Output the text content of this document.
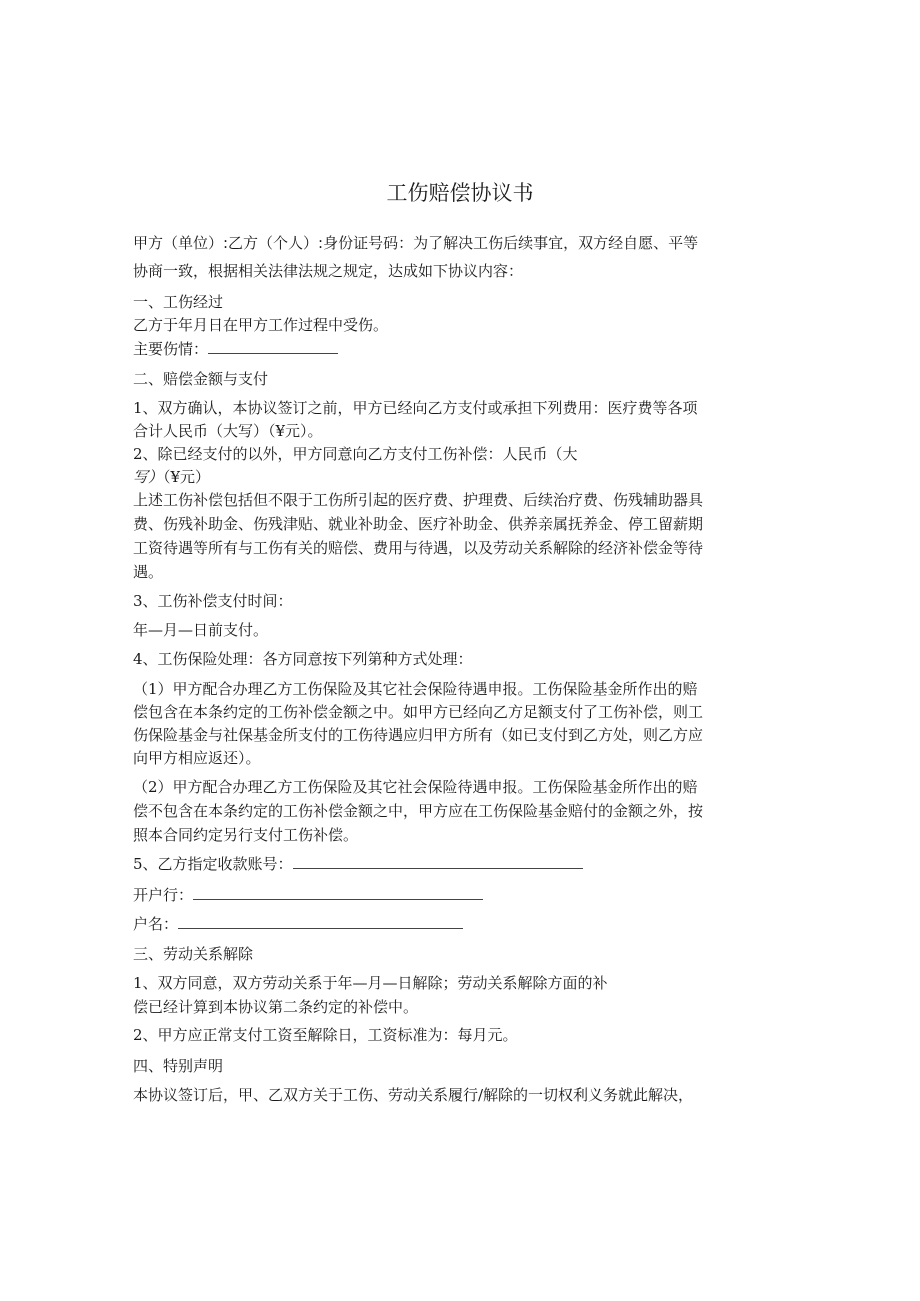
工伤赔偿协议书
甲方（单位）:乙方（个人）:身份证号码：为了解决工伤后续事宜，双方经自愿、平等
协商一致，根据相关法律法规之规定，达成如下协议内容：
一、工伤经过
乙方于年月日在甲方工作过程中受伤。
主要伤情：
二、赔偿金额与支付
1、双方确认，本协议签订之前，甲方已经向乙方支付或承担下列费用：医疗费等各项
合计人民币（大写）（¥元）。
2、除已经支付的以外，甲方同意向乙方支付工伤补偿：人民币（大
写）（¥元）
上述工伤补偿包括但不限于工伤所引起的医疗费、护理费、后续治疗费、伤残辅助器具
费、伤残补助金、伤残津贴、就业补助金、医疗补助金、供养亲属抚养金、停工留薪期
工资待遇等所有与工伤有关的赔偿、费用与待遇，以及劳动关系解除的经济补偿金等待
遇。
3、工伤补偿支付时间：
年—月—日前支付。
4、工伤保险处理：各方同意按下列第种方式处理：
（1）甲方配合办理乙方工伤保险及其它社会保险待遇申报。工伤保险基金所作出的赔
偿包含在本条约定的工伤补偿金额之中。如甲方已经向乙方足额支付了工伤补偿，则工
伤保险基金与社保基金所支付的工伤待遇应归甲方所有（如已支付到乙方处，则乙方应
向甲方相应返还）。
（2）甲方配合办理乙方工伤保险及其它社会保险待遇申报。工伤保险基金所作出的赔
偿不包含在本条约定的工伤补偿金额之中，甲方应在工伤保险基金赔付的金额之外，按
照本合同约定另行支付工伤补偿。
5、乙方指定收款账号：
开户行：
户名：
三、劳动关系解除
1、双方同意，双方劳动关系于年—月—日解除；劳动关系解除方面的补
偿已经计算到本协议第二条约定的补偿中。
2、甲方应正常支付工资至解除日，工资标准为：每月元。
四、特别声明
本协议签订后，甲、乙双方关于工伤、劳动关系履行/解除的一切权利义务就此解决，
